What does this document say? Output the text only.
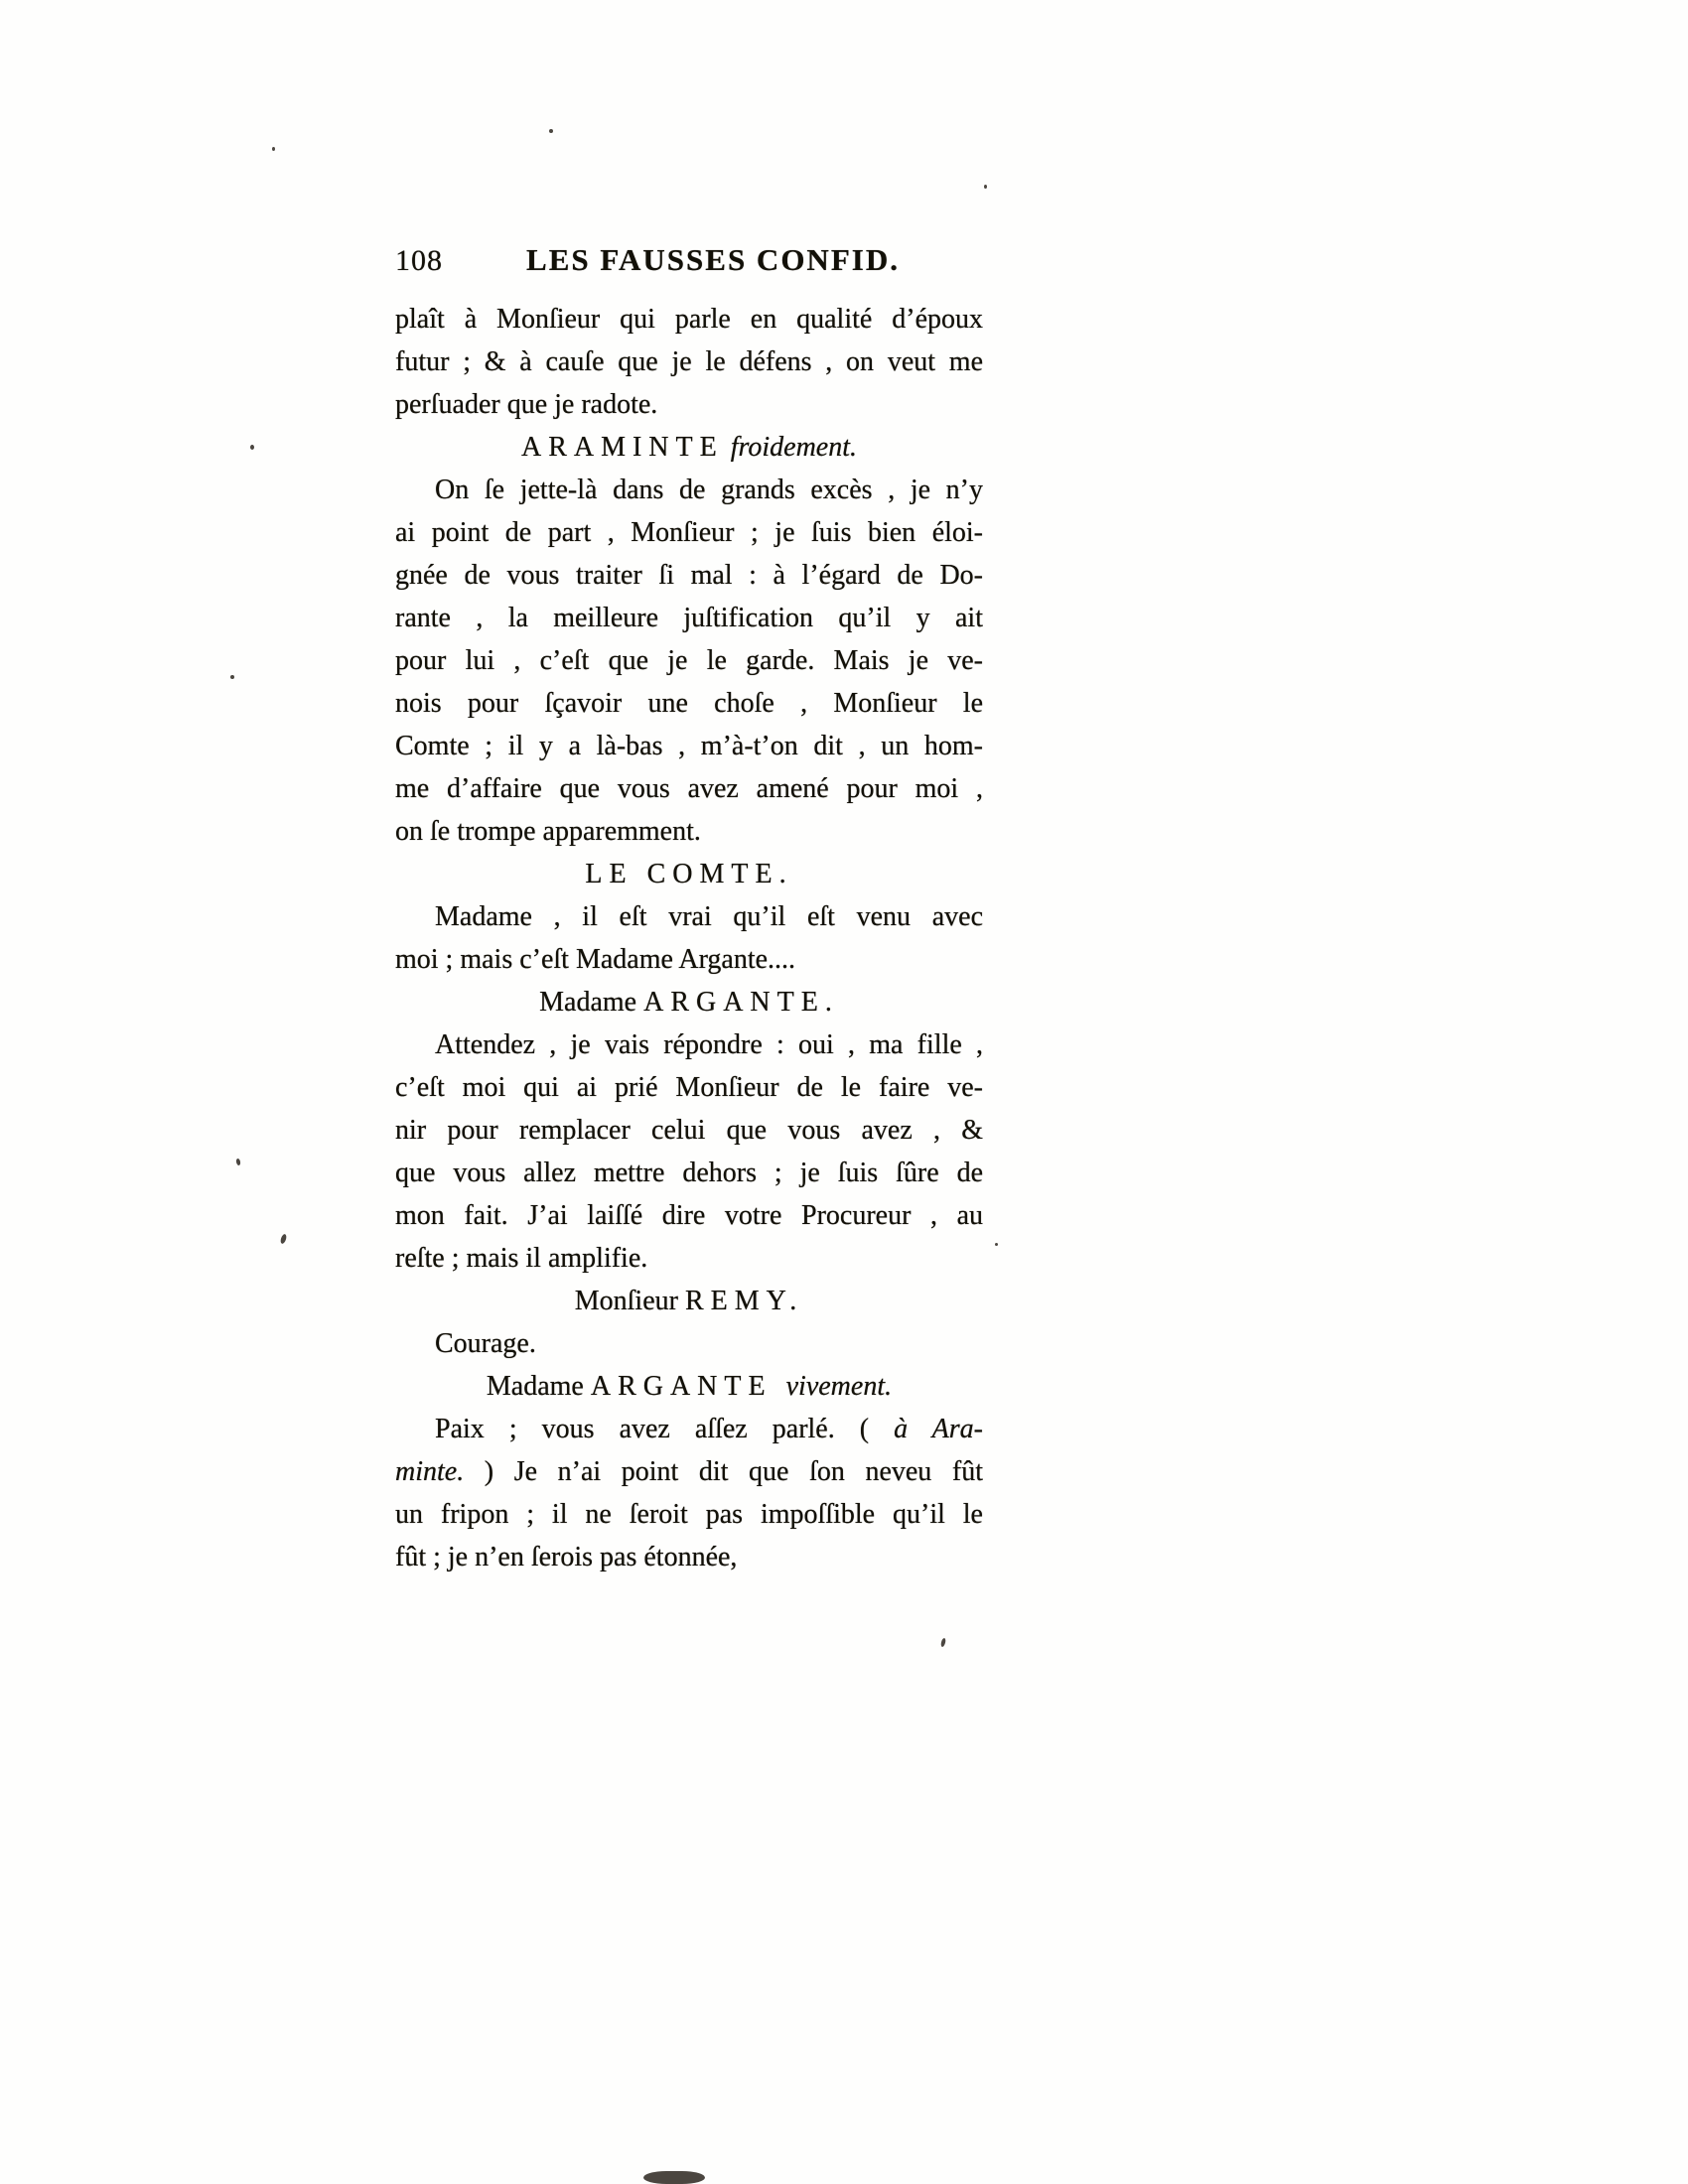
108	LES FAUSSES CONFID.
plaît à Monſieur qui parle en qualité d’époux
futur ; & à cauſe que je le défens , on veut me
perſuader que je radote.
ARAMINTE froidement.
On ſe jette-là dans de grands excès , je n’y
ai point de part , Monſieur ; je ſuis bien éloi-
gnée de vous traiter ſi mal : à l’égard de Do-
rante , la meilleure juſtification qu’il y ait
pour lui , c’eſt que je le garde. Mais je ve-
nois pour ſçavoir une choſe , Monſieur le
Comte ; il y a là-bas , m’à-t’on dit , un hom-
me d’affaire que vous avez amené pour moi ,
on ſe trompe apparemment.
LE COMTE.
Madame , il eſt vrai qu’il eſt venu avec
moi ; mais c’eſt Madame Argante....
Madame ARGANTE.
Attendez , je vais répondre : oui , ma fille ,
c’eſt moi qui ai prié Monſieur de le faire ve-
nir pour remplacer celui que vous avez , &
que vous allez mettre dehors ; je ſuis ſûre de
mon fait. J’ai laiſſé dire votre Procureur , au
reſte ; mais il amplifie.
Monſieur REMY.
Courage.
Madame ARGANTE vivement.
Paix ; vous avez aſſez parlé. ( à Ara-
minte. ) Je n’ai point dit que ſon neveu fût
un fripon ; il ne ſeroit pas impoſſible qu’il le
fût ; je n’en ſerois pas étonnée,
